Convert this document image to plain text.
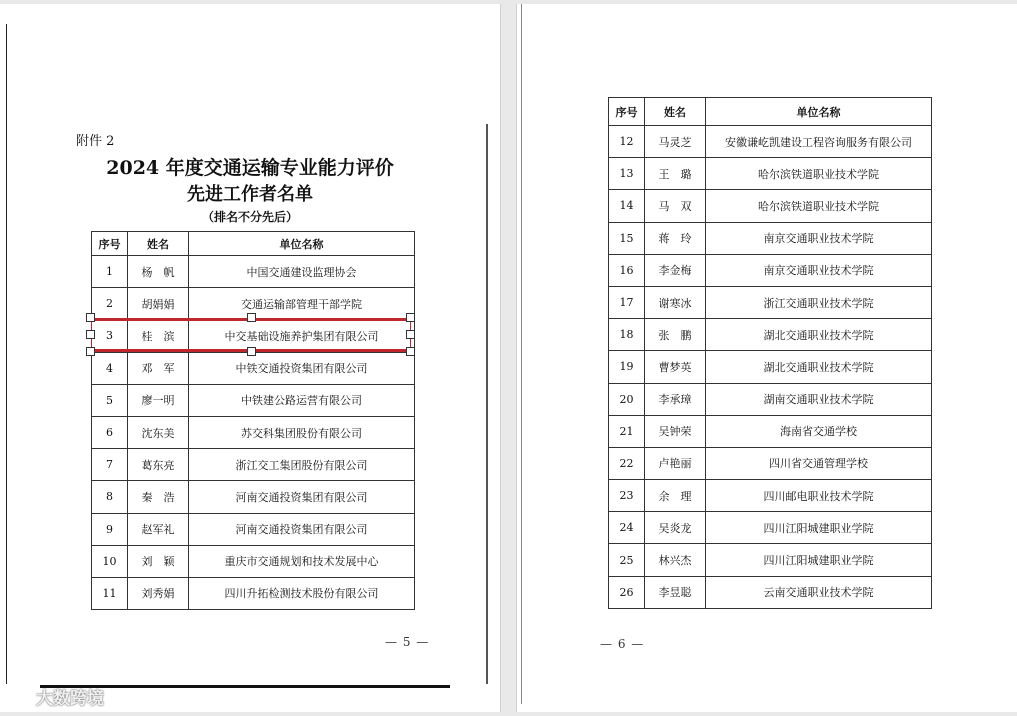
附件 2
2024 年度交通运输专业能力评价
先进工作者名单
（排名不分先后）
序号	姓名	单位名称
1	杨　帆	中国交通建设监理协会
2	胡娟娟	交通运输部管理干部学院
3	桂　滨	中交基础设施养护集团有限公司
4	邓　军	中铁交通投资集团有限公司
5	廖一明	中铁建公路运营有限公司
6	沈东美	苏交科集团股份有限公司
7	葛东亮	浙江交工集团股份有限公司
8	秦　浩	河南交通投资集团有限公司
9	赵军礼	河南交通投资集团有限公司
10	刘　颖	重庆市交通规划和技术发展中心
11	刘秀娟	四川升拓检测技术股份有限公司
序号	姓名	单位名称
12	马灵芝	安徽谦屹凯建设工程咨询服务有限公司
13	王　璐	哈尔滨铁道职业技术学院
14	马　双	哈尔滨铁道职业技术学院
15	蒋　玲	南京交通职业技术学院
16	李金梅	南京交通职业技术学院
17	谢寒冰	浙江交通职业技术学院
18	张　鹏	湖北交通职业技术学院
19	曹梦英	湖北交通职业技术学院
20	李承璋	湖南交通职业技术学院
21	吴钟荣	海南省交通学校
22	卢艳丽	四川省交通管理学校
23	余　理	四川邮电职业技术学院
24	吴炎龙	四川江阳城建职业学院
25	林兴杰	四川江阳城建职业学院
26	李昱聪	云南交通职业技术学院
— 5 —	— 6 —
大数跨境
